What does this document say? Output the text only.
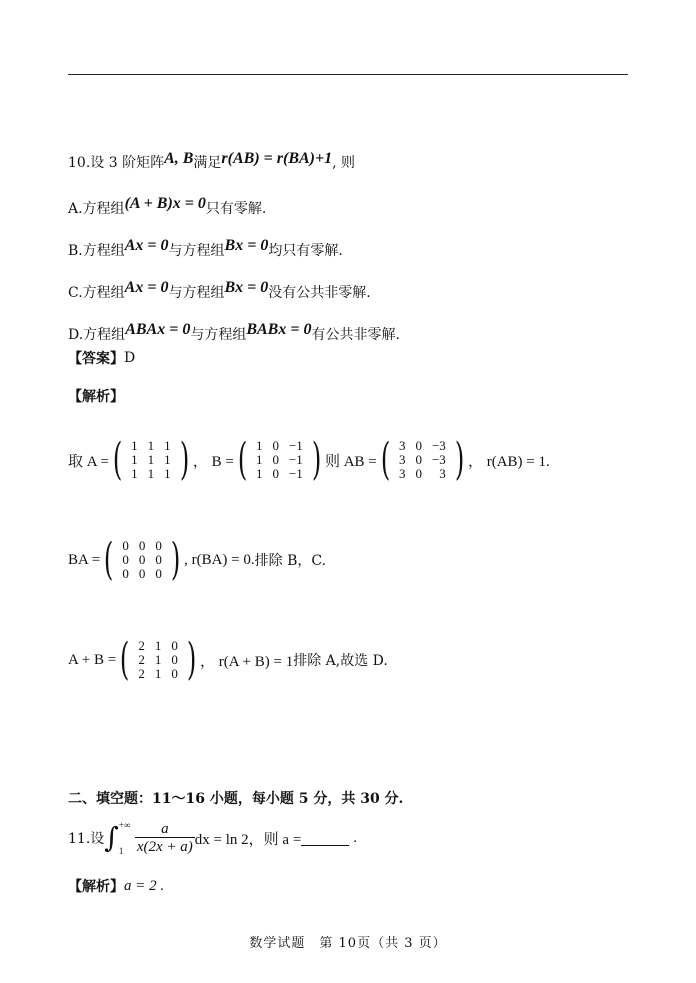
10.设 3 阶矩阵 A, B 满足 r(AB) = r(BA)+1 , 则
A.方程组 (A + B)x = 0 只有零解.
B.方程组 Ax = 0 与方程组 Bx = 0 均只有零解.
C.方程组 Ax = 0 与方程组 Bx = 0 没有公共非零解.
D.方程组 ABAx = 0 与方程组 BABx = 0 有公共非零解.
【答案】 D
【解析】
取 A = ( 1	1	1
1	1	1
1	1	1 ) ， B = ( 1	0	−1
1	0	−1
1	0	−1 ) 则 AB = ( 3	0	−3
3	0	−3
3	0	3 ) ， r(AB) = 1.
BA = ( 0	0	0
0	0	0
0	0	0 ) , r(BA) = 0. 排除 B，C.
A + B = ( 2	1	0
2	1	0
2	1	0 ) ， r(A + B) = 1 排除 A,故选 D.
二、填空题：11～16 小题，每小题 5 分，共 30 分.
11.设 ∫ +∞
$1 \frac{a}{x(2x + a)}$ dx = ln 2，则 a =	.
【解析】 a = 2 .
数学试题　第 10页（共 3 页）
